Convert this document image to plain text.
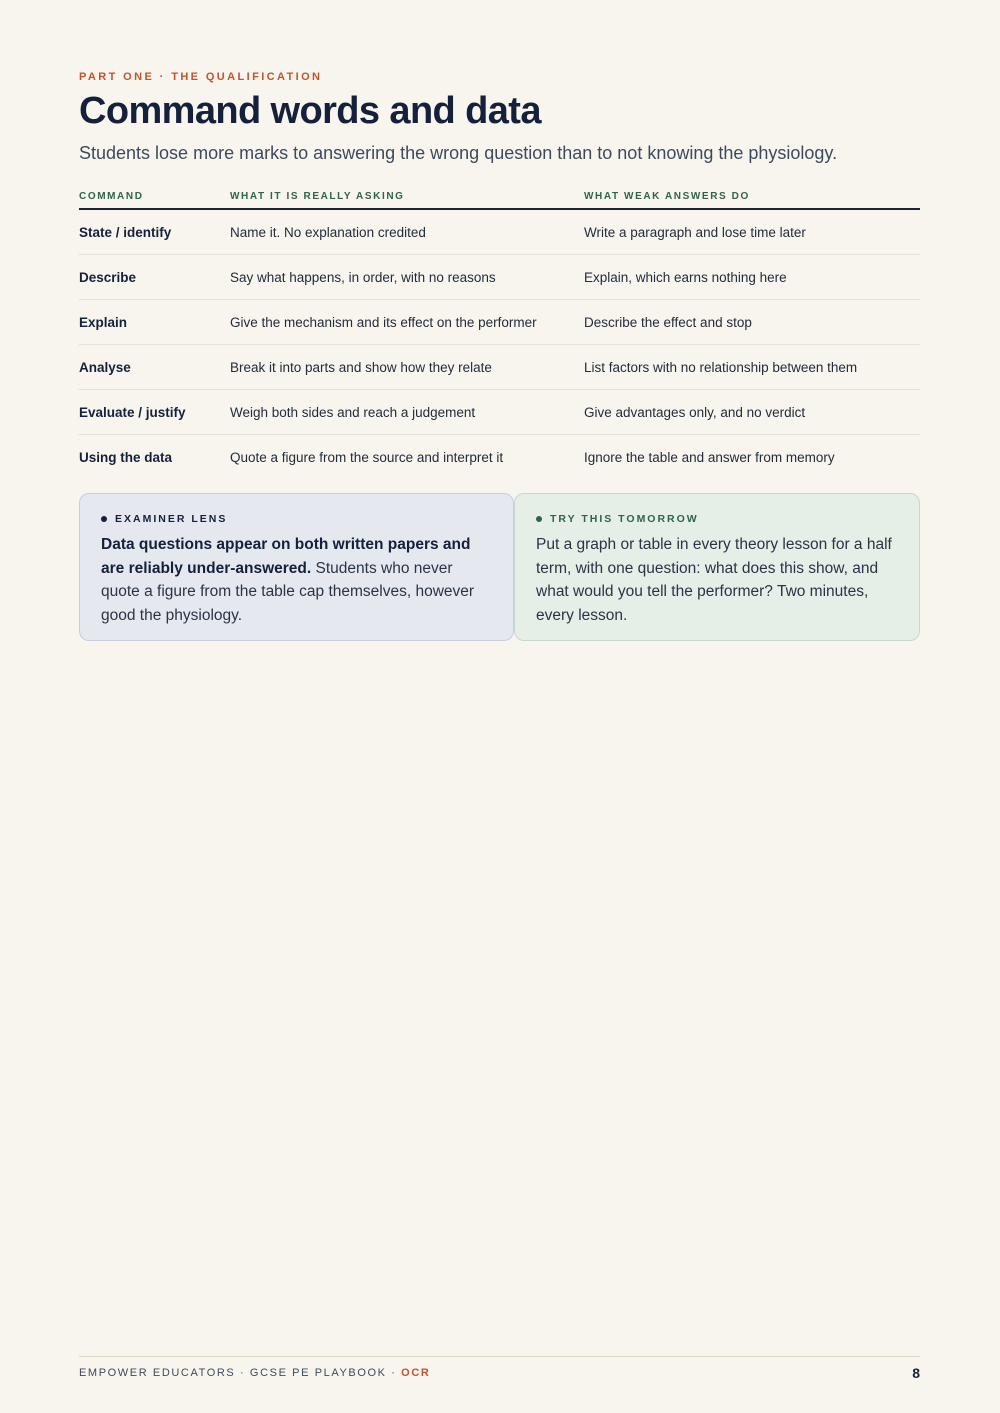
PART ONE · THE QUALIFICATION
Command words and data

Students lose more marks to answering the wrong question than to not knowing the physiology.

COMMAND	WHAT IT IS REALLY ASKING	WHAT WEAK ANSWERS DO
State / identify	Name it. No explanation credited	Write a paragraph and lose time later
Describe	Say what happens, in order, with no reasons	Explain, which earns nothing here
Explain	Give the mechanism and its effect on the performer	Describe the effect and stop
Analyse	Break it into parts and show how they relate	List factors with no relationship between them
Evaluate / justify	Weigh both sides and reach a judgement	Give advantages only, and no verdict
Using the data	Quote a figure from the source and interpret it	Ignore the table and answer from memory
EXAMINER LENS
Data questions appear on both written papers and are reliably under-answered. Students who never quote a figure from the table cap themselves, however good the physiology.
TRY THIS TOMORROW
Put a graph or table in every theory lesson for a half term, with one question: what does this show, and what would you tell the performer? Two minutes, every lesson.
EMPOWER EDUCATORS · GCSE PE PLAYBOOK · OCR	8
